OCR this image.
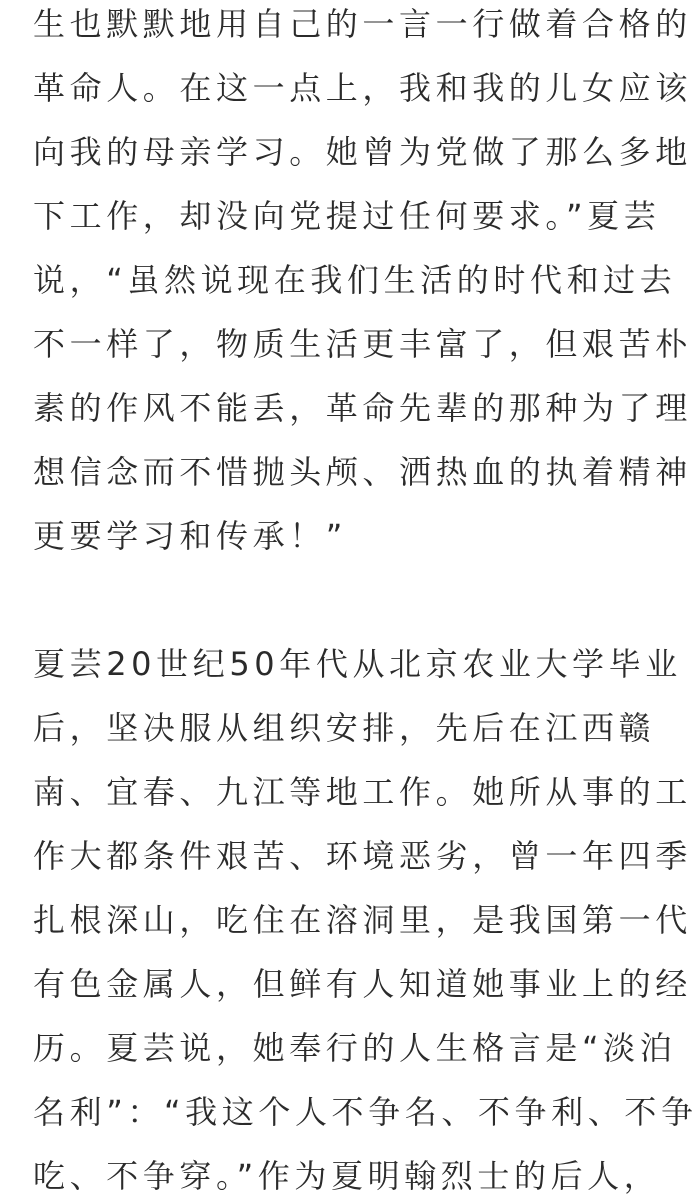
生也默默地用自己的一言一行做着合格的
革命人。在这一点上，我和我的儿女应该
向我的母亲学习。她曾为党做了那么多地
下工作，却没向党提过任何要求。”夏芸
说，“虽然说现在我们生活的时代和过去
不一样了，物质生活更丰富了，但艰苦朴
素的作风不能丢，革命先辈的那种为了理
想信念而不惜抛头颅、洒热血的执着精神
更要学习和传承！”
夏芸20世纪50年代从北京农业大学毕业
后，坚决服从组织安排，先后在江西赣
南、宜春、九江等地工作。她所从事的工
作大都条件艰苦、环境恶劣，曾一年四季
扎根深山，吃住在溶洞里，是我国第一代
有色金属人，但鲜有人知道她事业上的经
历。夏芸说，她奉行的人生格言是“淡泊
名利”：“我这个人不争名、不争利、不争
吃、不争穿。”作为夏明翰烈士的后人，
